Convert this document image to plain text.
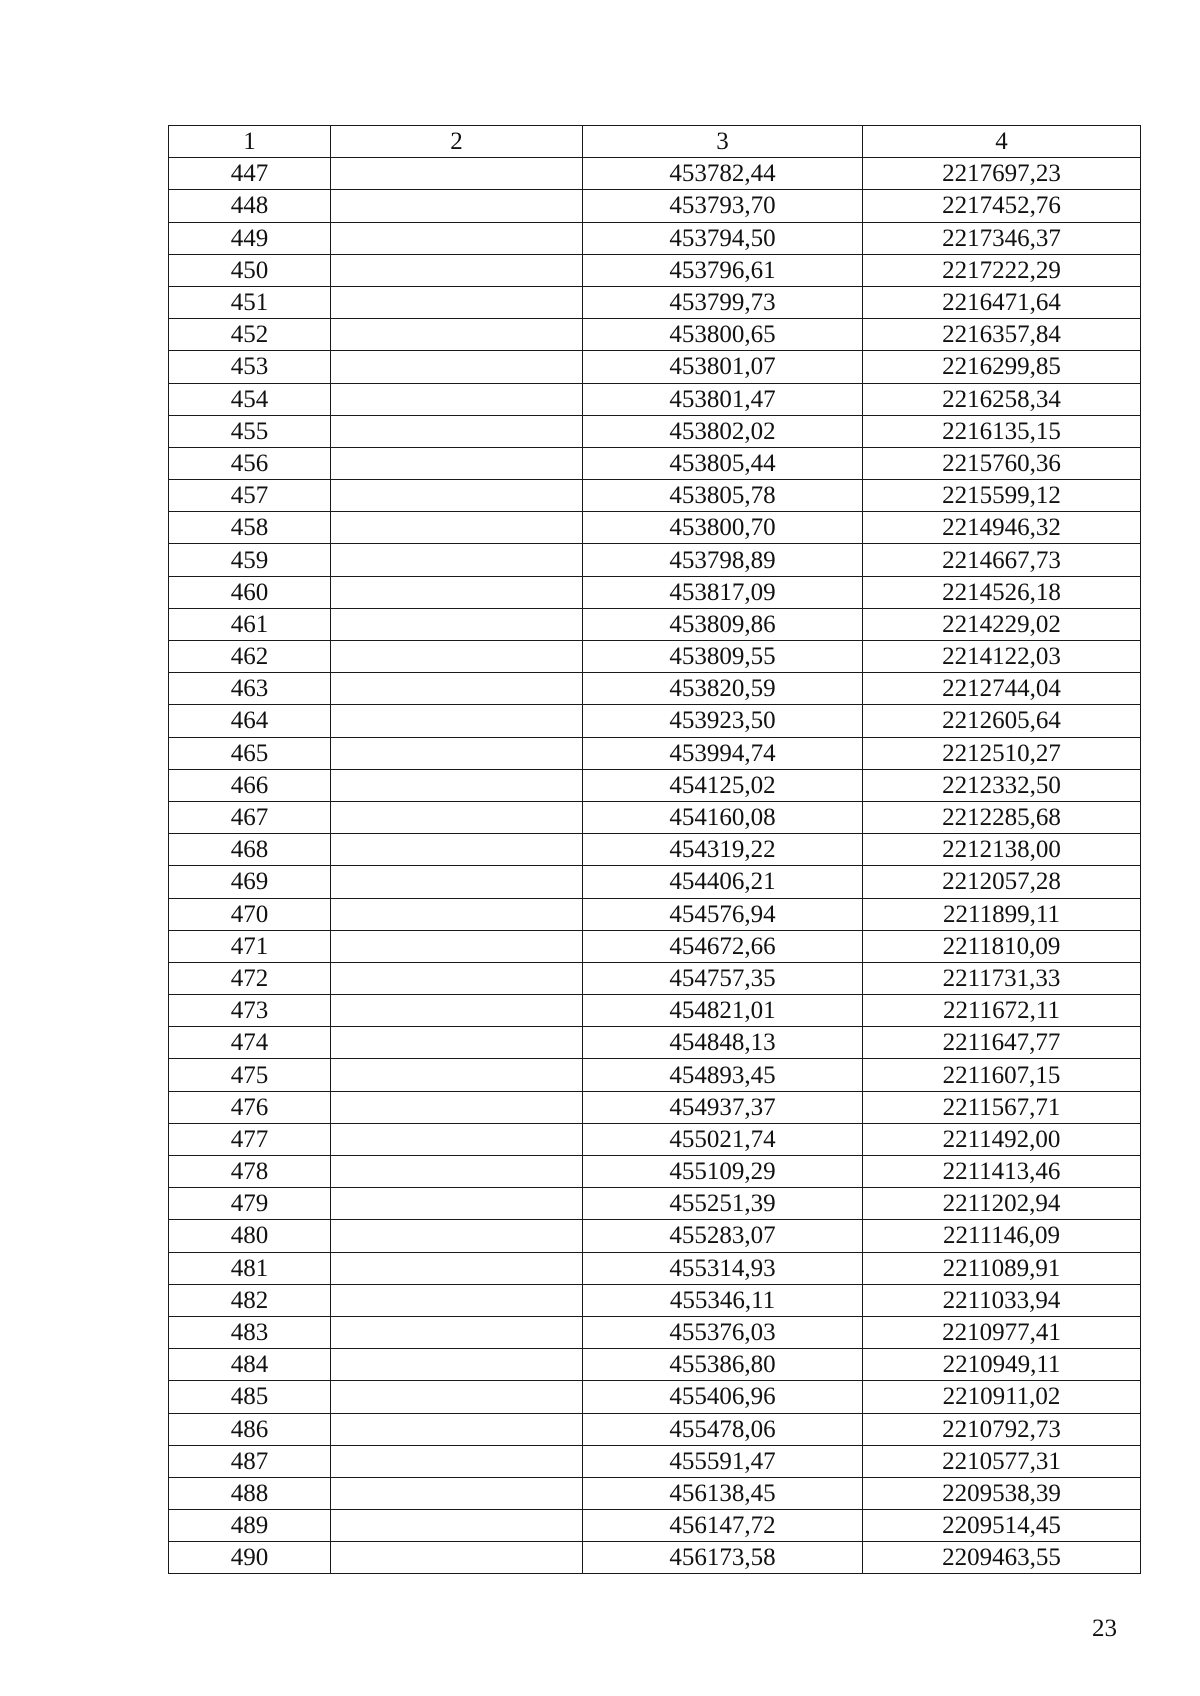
1	2	3	4
447		453782,44	2217697,23
448		453793,70	2217452,76
449		453794,50	2217346,37
450		453796,61	2217222,29
451		453799,73	2216471,64
452		453800,65	2216357,84
453		453801,07	2216299,85
454		453801,47	2216258,34
455		453802,02	2216135,15
456		453805,44	2215760,36
457		453805,78	2215599,12
458		453800,70	2214946,32
459		453798,89	2214667,73
460		453817,09	2214526,18
461		453809,86	2214229,02
462		453809,55	2214122,03
463		453820,59	2212744,04
464		453923,50	2212605,64
465		453994,74	2212510,27
466		454125,02	2212332,50
467		454160,08	2212285,68
468		454319,22	2212138,00
469		454406,21	2212057,28
470		454576,94	2211899,11
471		454672,66	2211810,09
472		454757,35	2211731,33
473		454821,01	2211672,11
474		454848,13	2211647,77
475		454893,45	2211607,15
476		454937,37	2211567,71
477		455021,74	2211492,00
478		455109,29	2211413,46
479		455251,39	2211202,94
480		455283,07	2211146,09
481		455314,93	2211089,91
482		455346,11	2211033,94
483		455376,03	2210977,41
484		455386,80	2210949,11
485		455406,96	2210911,02
486		455478,06	2210792,73
487		455591,47	2210577,31
488		456138,45	2209538,39
489		456147,72	2209514,45
490		456173,58	2209463,55
23
